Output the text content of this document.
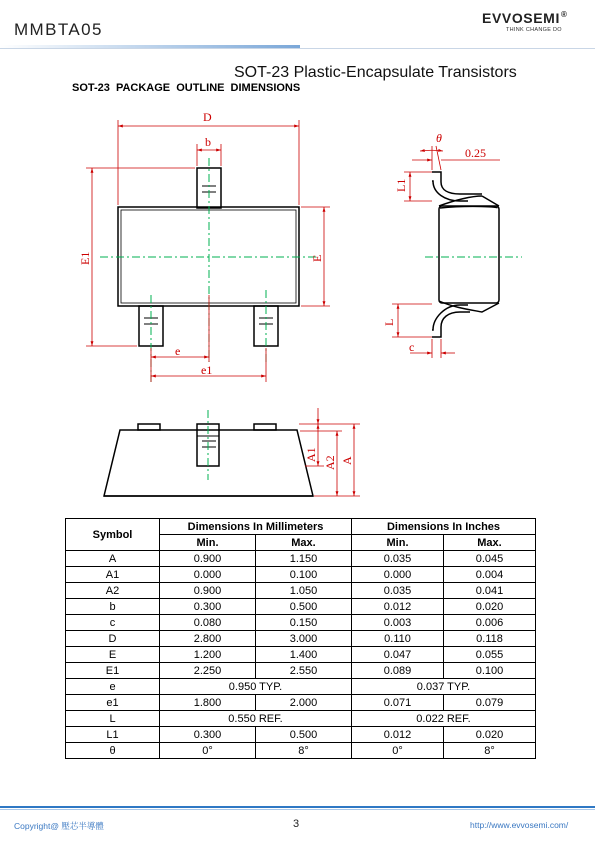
MMBTA05
EVVOSEMI®
THINK CHANGE DO
SOT-23 Plastic-Encapsulate Transistors
SOT-23 PACKAGE OUTLINE DIMENSIONS
D
b
E1	E
e
e1
θ
0.25
L1
L
c
A1
A2 A
Symbol	Dimensions In Millimeters		Dimensions In Inches	
	Min.	Max.	Min.	Max.
A	0.900	1.150	0.035	0.045
A1	0.000	0.100	0.000	0.004
A2	0.900	1.050	0.035	0.041
b	0.300	0.500	0.012	0.020
c	0.080	0.150	0.003	0.006
D	2.800	3.000	0.110	0.118
E	1.200	1.400	0.047	0.055
E1	2.250	2.550	0.089	0.100
e	0.950 TYP.		0.037 TYP.	
e1	1.800	2.000	0.071	0.079
L	0.550 REF.		0.022 REF.	
L1	0.300	0.500	0.012	0.020
θ	0°	8°	0°	8°
Copyright@ 壓芯半導體	3	http://www.evvosemi.com/
